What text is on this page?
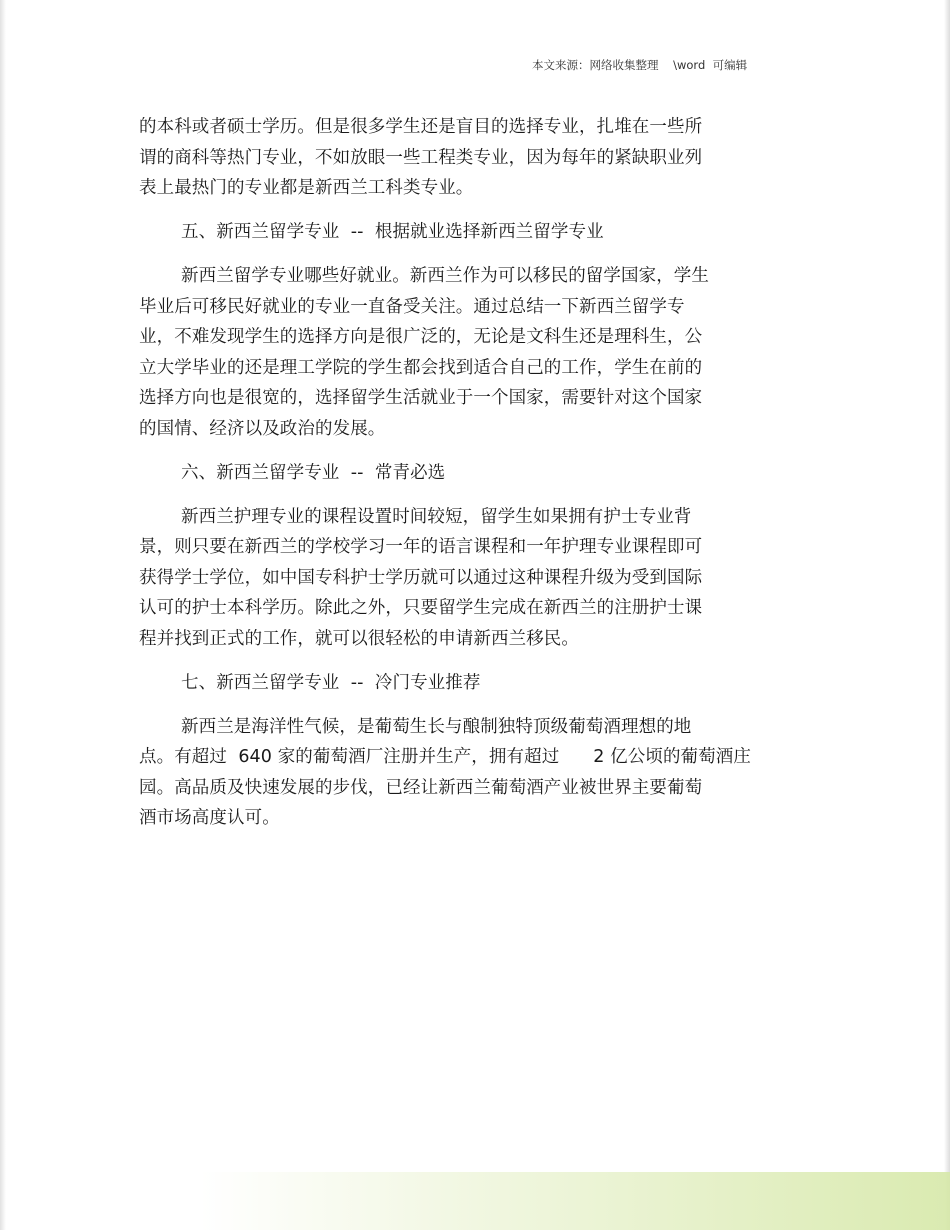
本文来源：网络收集整理    \word  可编辑
的本科或者硕士学历。但是很多学生还是盲目的选择专业，扎堆在一些所
谓的商科等热门专业，不如放眼一些工程类专业，因为每年的紧缺职业列
表上最热门的专业都是新西兰工科类专业。
五、新西兰留学专业  --  根据就业选择新西兰留学专业
新西兰留学专业哪些好就业。新西兰作为可以移民的留学国家，学生
毕业后可移民好就业的专业一直备受关注。通过总结一下新西兰留学专
业，不难发现学生的选择方向是很广泛的，无论是文科生还是理科生，公
立大学毕业的还是理工学院的学生都会找到适合自己的工作，学生在前的
选择方向也是很宽的，选择留学生活就业于一个国家，需要针对这个国家
的国情、经济以及政治的发展。
六、新西兰留学专业  --  常青必选
新西兰护理专业的课程设置时间较短，留学生如果拥有护士专业背
景，则只要在新西兰的学校学习一年的语言课程和一年护理专业课程即可
获得学士学位，如中国专科护士学历就可以通过这种课程升级为受到国际
认可的护士本科学历。除此之外，只要留学生完成在新西兰的注册护士课
程并找到正式的工作，就可以很轻松的申请新西兰移民。
七、新西兰留学专业  --  冷门专业推荐
新西兰是海洋性气候，是葡萄生长与酿制独特顶级葡萄酒理想的地
点。有超过  640 家的葡萄酒厂注册并生产，拥有超过      2 亿公顷的葡萄酒庄
园。高品质及快速发展的步伐，已经让新西兰葡萄酒产业被世界主要葡萄
酒市场高度认可。
